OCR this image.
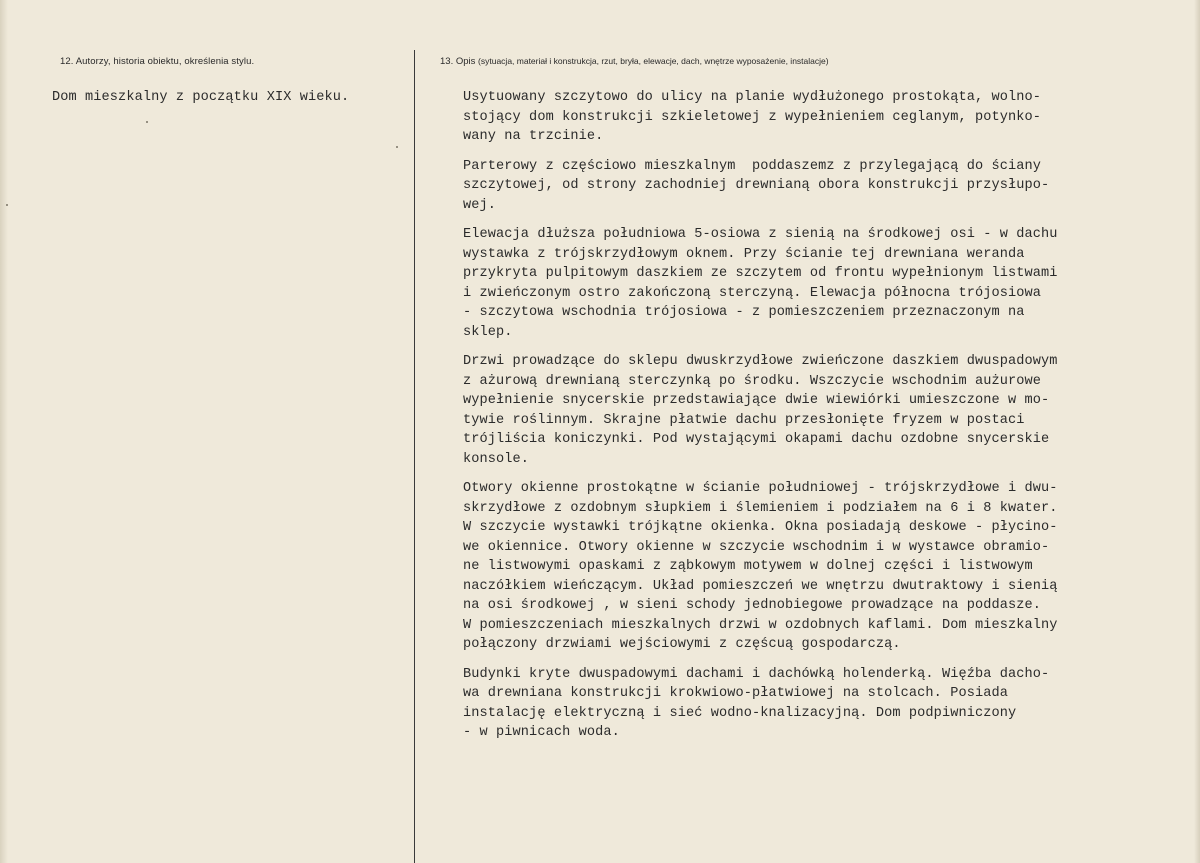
12. Autorzy, historia obiektu, określenia stylu.	13. Opis (sytuacja, materiał i konstrukcja, rzut, bryła, elewacje, dach, wnętrze wyposażenie, instalacje)
Dom mieszkalny z początku XIX wieku.	Usytuowany szczytowo do ulicy na planie wydłużonego prostokąta, wolno-
stojący dom konstrukcji szkieletowej z wypełnieniem ceglanym, potynko-
wany na trzcinie.
Parterowy z częściowo mieszkalnym  poddaszemz z przylegającą do ściany
szczytowej, od strony zachodniej drewnianą obora konstrukcji przysłupo-
wej.
Elewacja dłuższa południowa 5-osiowa z sienią na środkowej osi - w dachu
wystawka z trójskrzydłowym oknem. Przy ścianie tej drewniana weranda
przykryta pulpitowym daszkiem ze szczytem od frontu wypełnionym listwami
i zwieńczonym ostro zakończoną sterczyną. Elewacja północna trójosiowa
- szczytowa wschodnia trójosiowa - z pomieszczeniem przeznaczonym na
sklep.
Drzwi prowadzące do sklepu dwuskrzydłowe zwieńczone daszkiem dwuspadowym
z ażurową drewnianą sterczynką po środku. Wszczycie wschodnim aużurowe
wypełnienie snycerskie przedstawiające dwie wiewiórki umieszczone w mo-
tywie roślinnym. Skrajne płatwie dachu przesłonięte fryzem w postaci
trójliścia koniczynki. Pod wystającymi okapami dachu ozdobne snycerskie
konsole.
Otwory okienne prostokątne w ścianie południowej - trójskrzydłowe i dwu-
skrzydłowe z ozdobnym słupkiem i ślemieniem i podziałem na 6 i 8 kwater.
W szczycie wystawki trójkątne okienka. Okna posiadają deskowe - płycino-
we okiennice. Otwory okienne w szczycie wschodnim i w wystawce obramio-
ne listwowymi opaskami z ząbkowym motywem w dolnej części i listwowym
naczółkiem wieńczącym. Układ pomieszczeń we wnętrzu dwutraktowy i sienią
na osi środkowej , w sieni schody jednobiegowe prowadzące na poddasze.
W pomieszczeniach mieszkalnych drzwi w ozdobnych kaflami. Dom mieszkalny
połączony drzwiami wejściowymi z częścuą gospodarczą.
Budynki kryte dwuspadowymi dachami i dachówką holenderką. Więźba dacho-
wa drewniana konstrukcji krokwiowo-płatwiowej na stolcach. Posiada
instalację elektryczną i sieć wodno-knalizacyjną. Dom podpiwniczony
- w piwnicach woda.
